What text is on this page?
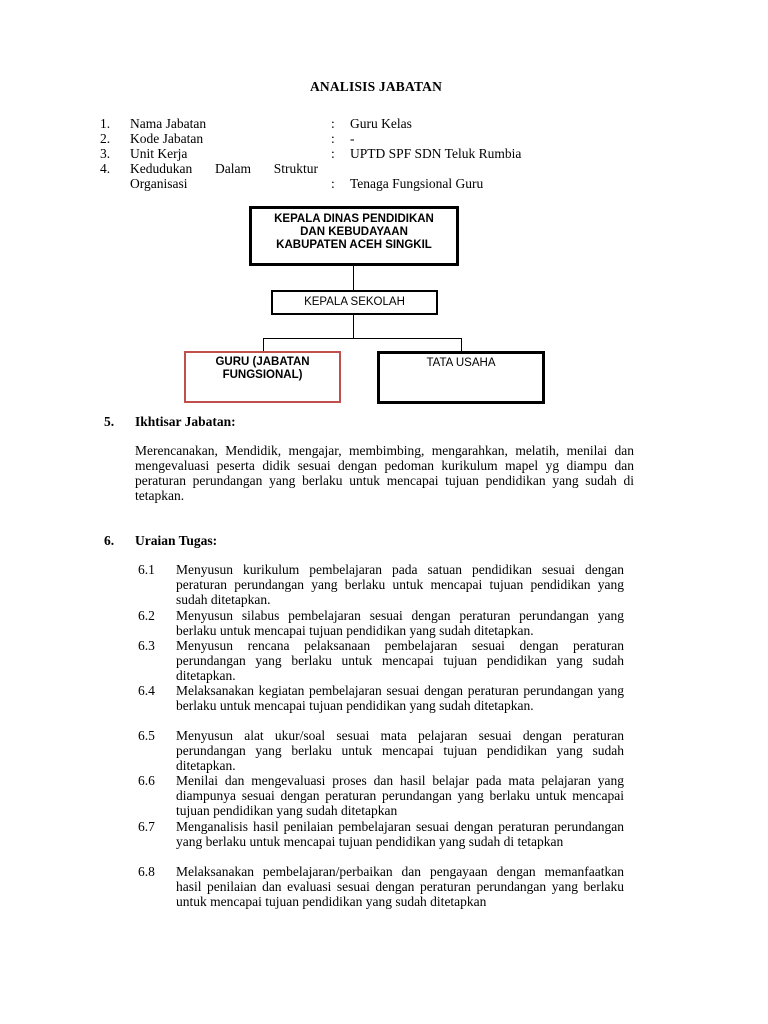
ANALISIS JABATAN
1.	Nama Jabatan	: Guru Kelas
2.	Kode Jabatan	: -
3.	Unit Kerja	: UPTD SPF SDN Teluk Rumbia
4.	Kedudukan Dalam Struktur
Organisasi	: Tenaga Fungsional Guru
KEPALA DINAS PENDIDIKAN
DAN KEBUDAYAAN
KABUPATEN ACEH SINGKIL
KEPALA SEKOLAH
GURU (JABATAN
FUNGSIONAL)
TATA USAHA
5. Ikhtisar Jabatan:
Merencanakan, Mendidik, mengajar, membimbing, mengarahkan, melatih, menilai dan mengevaluasi peserta didik sesuai dengan pedoman kurikulum mapel yg diampu dan peraturan perundangan yang berlaku untuk mencapai tujuan pendidikan yang sudah di tetapkan.
6. Uraian Tugas:
6.1	Menyusun kurikulum pembelajaran pada satuan pendidikan sesuai dengan peraturan perundangan yang berlaku untuk mencapai tujuan pendidikan yang sudah ditetapkan.
6.2	Menyusun silabus pembelajaran sesuai dengan peraturan perundangan yang berlaku untuk mencapai tujuan pendidikan yang sudah ditetapkan.
6.3	Menyusun rencana pelaksanaan pembelajaran sesuai dengan peraturan perundangan yang berlaku untuk mencapai tujuan pendidikan yang sudah ditetapkan.
6.4	Melaksanakan kegiatan pembelajaran sesuai dengan peraturan perundangan yang berlaku untuk mencapai tujuan pendidikan yang sudah ditetapkan.
6.5	Menyusun alat ukur/soal sesuai mata pelajaran sesuai dengan peraturan perundangan yang berlaku untuk mencapai tujuan pendidikan yang sudah ditetapkan.
6.6	Menilai dan mengevaluasi proses dan hasil belajar pada mata pelajaran yang diampunya sesuai dengan peraturan perundangan yang berlaku untuk mencapai tujuan pendidikan yang sudah ditetapkan
6.7	Menganalisis hasil penilaian pembelajaran sesuai dengan peraturan perundangan yang berlaku untuk mencapai tujuan pendidikan yang sudah di tetapkan
6.8	Melaksanakan pembelajaran/perbaikan dan pengayaan dengan memanfaatkan hasil penilaian dan evaluasi sesuai dengan peraturan perundangan yang berlaku untuk mencapai tujuan pendidikan yang sudah ditetapkan
